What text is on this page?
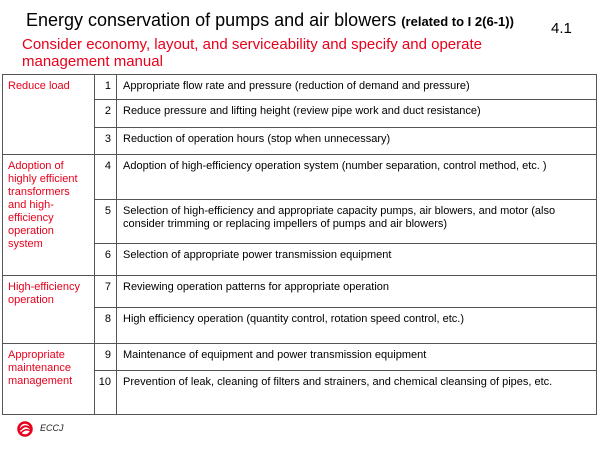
Energy conservation of pumps and air blowers (related to I 2(6-1)) 4.1
Consider economy, layout, and serviceability and specify and operate management manual
Reduce load	1	Appropriate flow rate and pressure (reduction of demand and pressure)
	2	Reduce pressure and lifting height (review pipe work and duct resistance)
	3	Reduction of operation hours (stop when unnecessary)
Adoption of highly efficient transformers and high-efficiency operation system	4	Adoption of high-efficiency operation system (number separation, control method, etc. )
	5	Selection of high-efficiency and appropriate capacity pumps, air blowers, and motor (also consider trimming or replacing impellers of pumps and air blowers)
	6	Selection of appropriate power transmission equipment
High-efficiency operation	7	Reviewing operation patterns for appropriate operation
	8	High efficiency operation (quantity control, rotation speed control, etc.)
Appropriate maintenance management	9	Maintenance of equipment and power transmission equipment
	10	Prevention of leak, cleaning of filters and strainers, and chemical cleansing of pipes, etc.
ECCJ
